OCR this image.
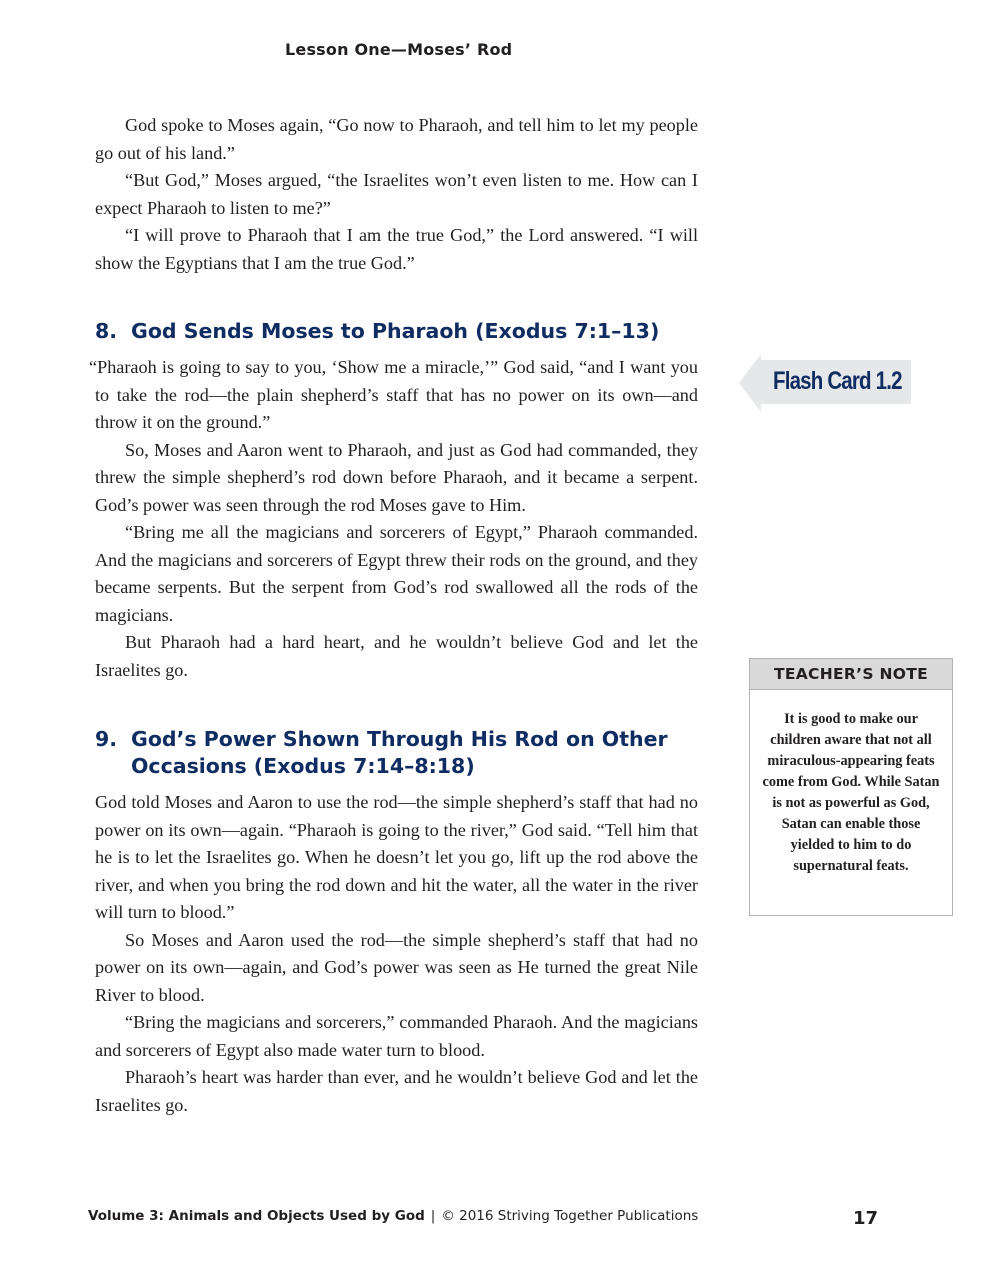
Lesson One—Moses’ Rod

God spoke to Moses again, “Go now to Pharaoh, and tell him to let my people go out of his land.”

“But God,” Moses argued, “the Israelites won’t even listen to me. How can I expect Pharaoh to listen to me?”

“I will prove to Pharaoh that I am the true God,” the Lord answered. “I will show the Egyptians that I am the true God.”

8. God Sends Moses to Pharaoh (Exodus 7:1–13)

“Pharaoh is going to say to you, ‘Show me a miracle,’” God said, “and I want you to take the rod—the plain shepherd’s staff that has no power on its own—and throw it on the ground.”

So, Moses and Aaron went to Pharaoh, and just as God had commanded, they threw the simple shepherd’s rod down before Pharaoh, and it became a serpent. God’s power was seen through the rod Moses gave to Him.

“Bring me all the magicians and sorcerers of Egypt,” Pharaoh commanded. And the magicians and sorcerers of Egypt threw their rods on the ground, and they became serpents. But the serpent from God’s rod swallowed all the rods of the magicians.

But Pharaoh had a hard heart, and he wouldn’t believe God and let the Israelites go.

9. God’s Power Shown Through His Rod on Other
Occasions (Exodus 7:14–8:18)

God told Moses and Aaron to use the rod—the simple shepherd’s staff that had no power on its own—again. “Pharaoh is going to the river,” God said. “Tell him that he is to let the Israelites go. When he doesn’t let you go, lift up the rod above the river, and when you bring the rod down and hit the water, all the water in the river will turn to blood.”

So Moses and Aaron used the rod—the simple shepherd’s staff that had no power on its own—again, and God’s power was seen as He turned the great Nile River to blood.

“Bring the magicians and sorcerers,” commanded Pharaoh. And the magicians and sorcerers of Egypt also made water turn to blood.

Pharaoh’s heart was harder than ever, and he wouldn’t believe God and let the Israelites go.

Flash Card 1.2
TEACHER’S NOTE
It is good to make our children aware that not all miraculous-appearing feats come from God. While Satan is not as powerful as God, Satan can enable those yielded to him to do supernatural feats.
Volume 3: Animals and Objects Used by God | © 2016 Striving Together Publications	17
